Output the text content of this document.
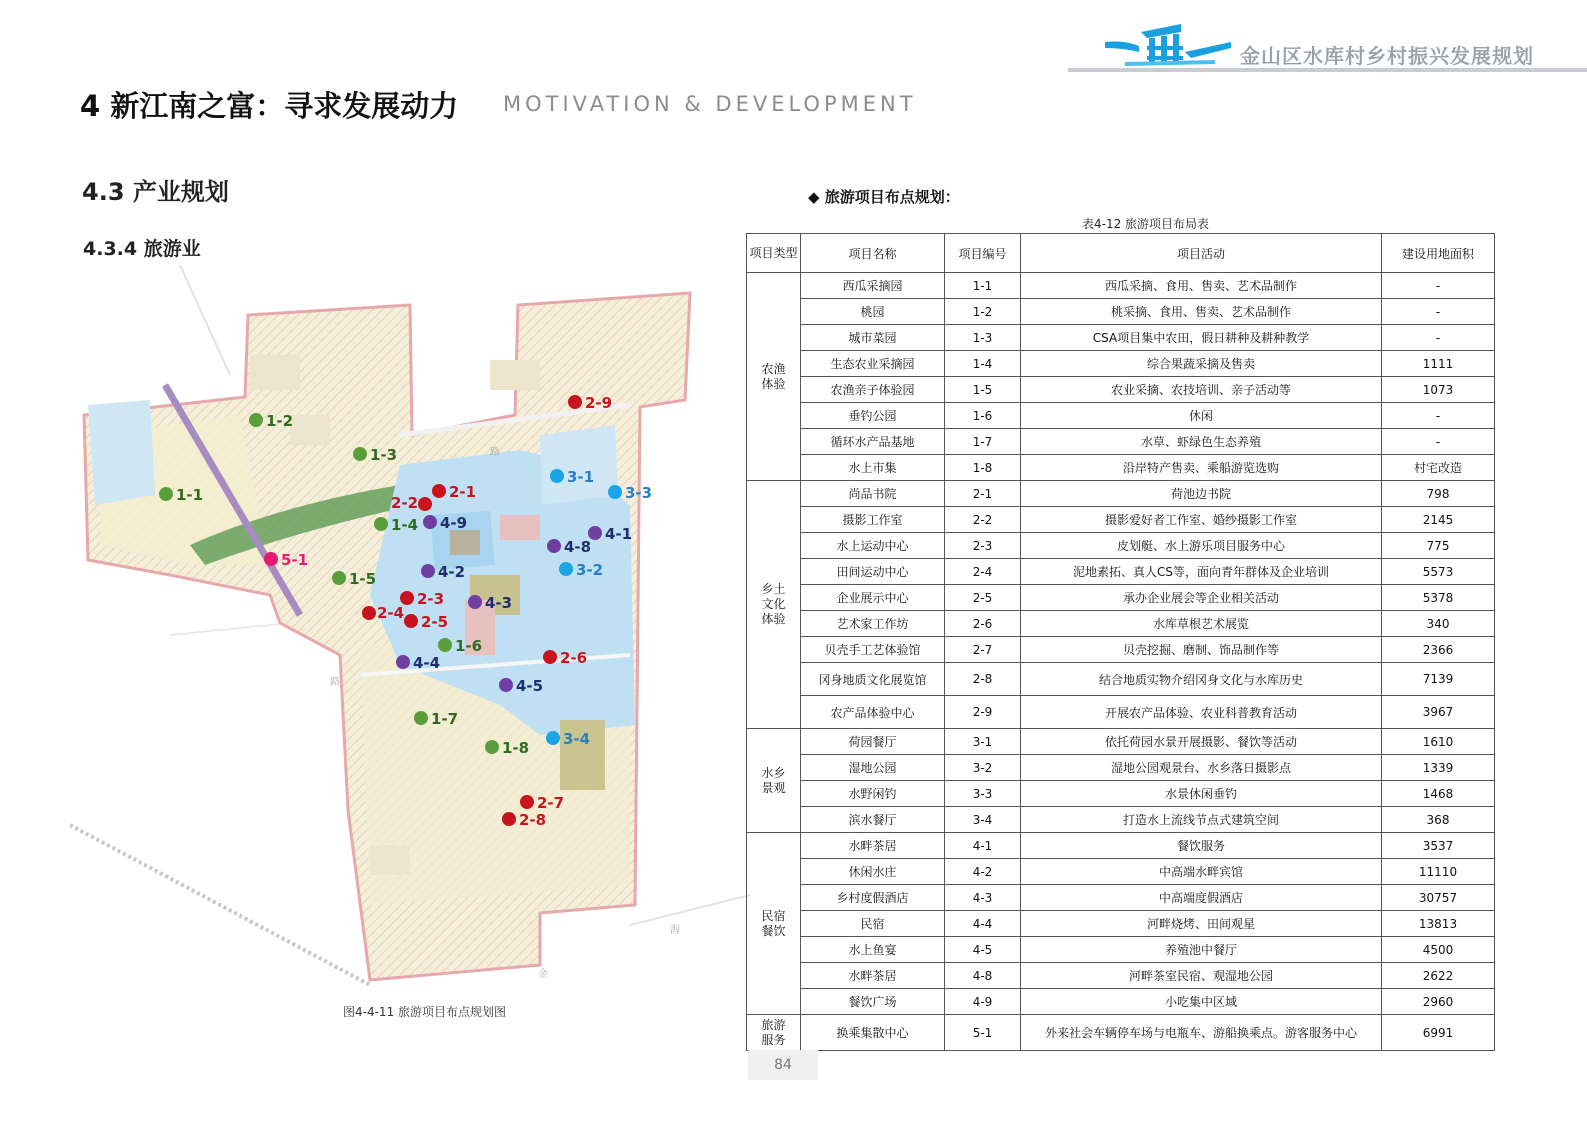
金山区水库村乡村振兴发展规划
4 新江南之富：寻求发展动力 MOTIVATION & DEVELOPMENT
4.3 产业规划
4.3.4 旅游业
路
路
金
海
1-2
1-3
1-1
1-4
1-5
1-6
1-7
1-8
2-9
2-1
2-2
2-3
2-4 2-5
2-6
2-7
2-8
3-1
3-3
3-2
3-4
4-9
4-1
4-8
4-2
4-3
4-4
4-5
5-1
图4-4-11 旅游项目布点规划图
◆ 旅游项目布点规划：
表4-12 旅游项目布局表
项目类型	项目名称	项目编号	项目活动	建设用地面积
农渔体验	西瓜采摘园	1-1	西瓜采摘、食用、售卖、艺术品制作	-
	桃园	1-2	桃采摘、食用、售卖、艺术品制作	-
	城市菜园	1-3	CSA项目集中农田，假日耕种及耕种教学	-
	生态农业采摘园	1-4	综合果蔬采摘及售卖	1111
	农渔亲子体验园	1-5	农业采摘、农技培训、亲子活动等	1073
	垂钓公园	1-6	休闲	-
	循环水产品基地	1-7	水草、虾绿色生态养殖	-
	水上市集	1-8	沿岸特产售卖、乘船游览选购	村宅改造
乡土文化体验	尚品书院	2-1	荷池边书院	798
	摄影工作室	2-2	摄影爱好者工作室、婚纱摄影工作室	2145
	水上运动中心	2-3	皮划艇、水上游乐项目服务中心	775
	田间运动中心	2-4	泥地素拓、真人CS等，面向青年群体及企业培训	5573
	企业展示中心	2-5	承办企业展会等企业相关活动	5378
	艺术家工作坊	2-6	水库草根艺术展览	340
	贝壳手工艺体验馆	2-7	贝壳挖掘、磨制、饰品制作等	2366
	冈身地质文化展览馆	2-8	结合地质实物介绍冈身文化与水库历史	7139
	农产品体验中心	2-9	开展农产品体验、农业科普教育活动	3967
水乡景观	荷园餐厅	3-1	依托荷园水景开展摄影、餐饮等活动	1610
	湿地公园	3-2	湿地公园观景台、水乡落日摄影点	1339
	水野闲钓	3-3	水景休闲垂钓	1468
	滨水餐厅	3-4	打造水上流线节点式建筑空间	368
民宿餐饮	水畔茶居	4-1	餐饮服务	3537
	休闲水庄	4-2	中高端水畔宾馆	11110
	乡村度假酒店	4-3	中高端度假酒店	30757
	民宿	4-4	河畔烧烤、田间观星	13813
	水上鱼宴	4-5	养殖池中餐厅	4500
	水畔茶居	4-8	河畔茶室民宿、观湿地公园	2622
	餐饮广场	4-9	小吃集中区域	2960
旅游服务	换乘集散中心	5-1	外来社会车辆停车场与电瓶车、游船换乘点。游客服务中心	6991
84
